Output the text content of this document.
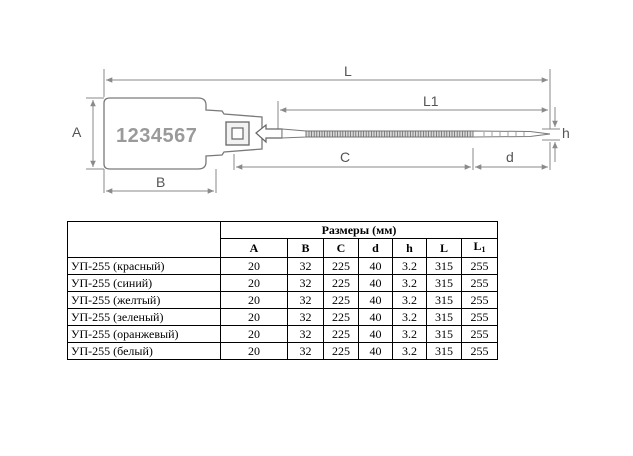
1234567
L
L1
A
B
C	d
h
	Размеры (мм)						
	A	B	C	d	h	L	$L_1$
УП-255 (красный)	20	32	225	40	3.2	315	255
УП-255 (синий)	20	32	225	40	3.2	315	255
УП-255 (желтый)	20	32	225	40	3.2	315	255
УП-255 (зеленый)	20	32	225	40	3.2	315	255
УП-255 (оранжевый)	20	32	225	40	3.2	315	255
УП-255 (белый)	20	32	225	40	3.2	315	255
